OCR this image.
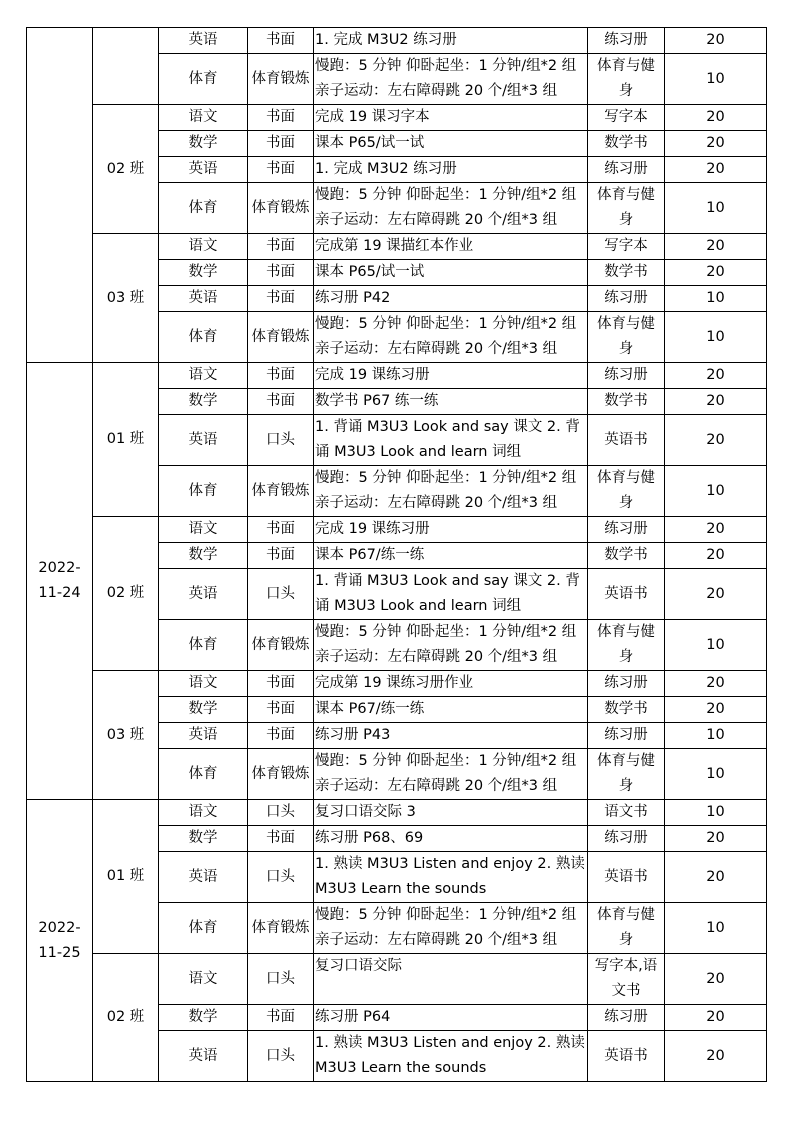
		英语	书面	1. 完成 M3U2 练习册	练习册	20
		体育	体育锻炼	慢跑：5 分钟 仰卧起坐：1 分钟/组*2 组 亲子运动：左右障碍跳 20 个/组*3 组	体育与健身	10
	02 班	语文	书面	完成 19 课习字本	写字本	20
		数学	书面	课本 P65/试一试	数学书	20
		英语	书面	1. 完成 M3U2 练习册	练习册	20
		体育	体育锻炼	慢跑：5 分钟 仰卧起坐：1 分钟/组*2 组 亲子运动：左右障碍跳 20 个/组*3 组	体育与健身	10
	03 班	语文	书面	完成第 19 课描红本作业	写字本	20
		数学	书面	课本 P65/试一试	数学书	20
		英语	书面	练习册 P42	练习册	10
		体育	体育锻炼	慢跑：5 分钟 仰卧起坐：1 分钟/组*2 组 亲子运动：左右障碍跳 20 个/组*3 组	体育与健身	10
2022-11-24	01 班	语文	书面	完成 19 课练习册	练习册	20
		数学	书面	数学书 P67 练一练	数学书	20
		英语	口头	1. 背诵 M3U3 Look and say 课文 2. 背诵 M3U3 Look and learn 词组	英语书	20
		体育	体育锻炼	慢跑：5 分钟 仰卧起坐：1 分钟/组*2 组 亲子运动：左右障碍跳 20 个/组*3 组	体育与健身	10
	02 班	语文	书面	完成 19 课练习册	练习册	20
		数学	书面	课本 P67/练一练	数学书	20
		英语	口头	1. 背诵 M3U3 Look and say 课文 2. 背诵 M3U3 Look and learn 词组	英语书	20
		体育	体育锻炼	慢跑：5 分钟 仰卧起坐：1 分钟/组*2 组 亲子运动：左右障碍跳 20 个/组*3 组	体育与健身	10
	03 班	语文	书面	完成第 19 课练习册作业	练习册	20
		数学	书面	课本 P67/练一练	数学书	20
		英语	书面	练习册 P43	练习册	10
		体育	体育锻炼	慢跑：5 分钟 仰卧起坐：1 分钟/组*2 组 亲子运动：左右障碍跳 20 个/组*3 组	体育与健身	10
2022-11-25	01 班	语文	口头	复习口语交际 3	语文书	10
		数学	书面	练习册 P68、69	练习册	20
		英语	口头	1. 熟读 M3U3 Listen and enjoy 2. 熟读 M3U3 Learn the sounds	英语书	20
		体育	体育锻炼	慢跑：5 分钟 仰卧起坐：1 分钟/组*2 组 亲子运动：左右障碍跳 20 个/组*3 组	体育与健身	10
	02 班	语文	口头	复习口语交际	写字本,语文书	20
		数学	书面	练习册 P64	练习册	20
		英语	口头	1. 熟读 M3U3 Listen and enjoy 2. 熟读 M3U3 Learn the sounds	英语书	20
